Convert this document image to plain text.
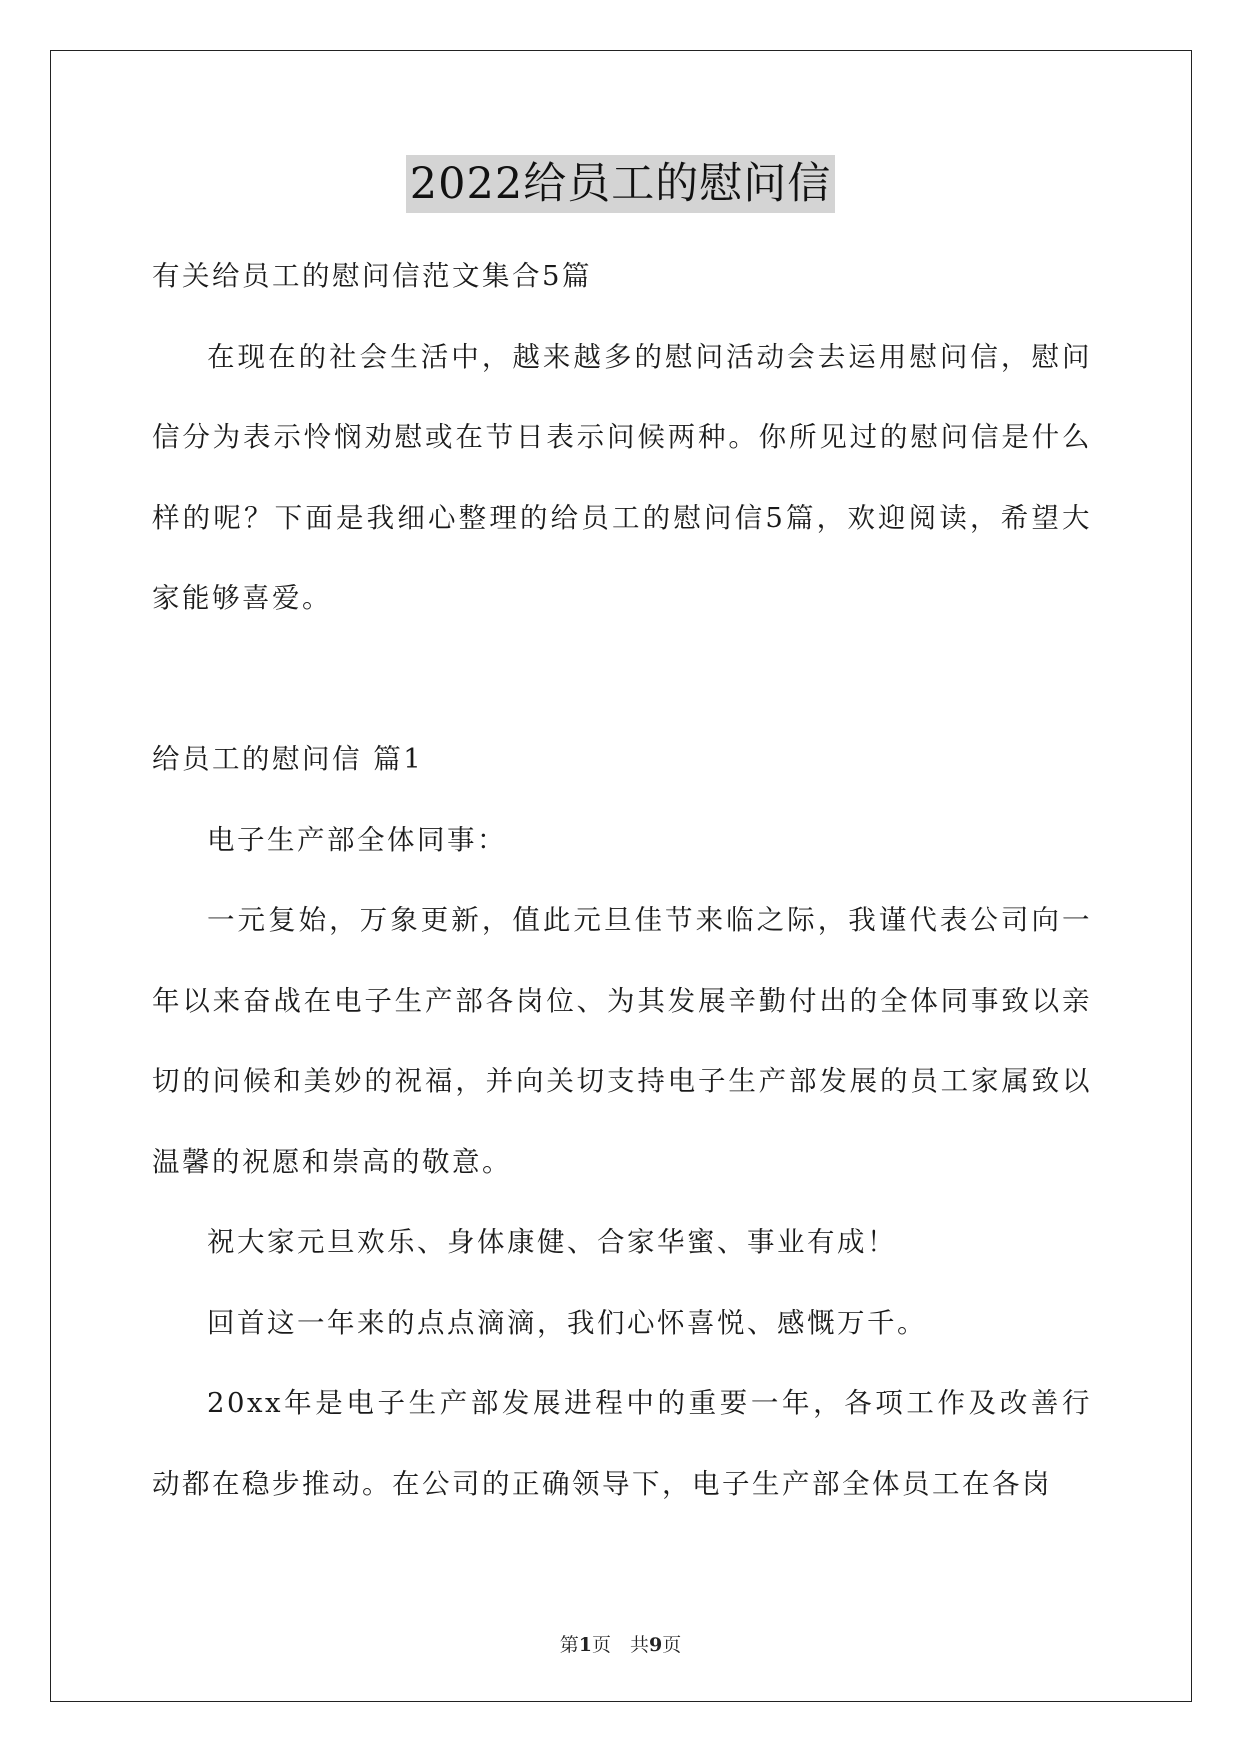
2022给员工的慰问信

有关给员工的慰问信范文集合5篇

在现在的社会生活中，越来越多的慰问活动会去运用慰问信，慰问信分为表示怜悯劝慰或在节日表示问候两种。你所见过的慰问信是什么样的呢？下面是我细心整理的给员工的慰问信5篇，欢迎阅读，希望大家能够喜爱。

给员工的慰问信 篇1

电子生产部全体同事：

一元复始，万象更新，值此元旦佳节来临之际，我谨代表公司向一年以来奋战在电子生产部各岗位、为其发展辛勤付出的全体同事致以亲切的问候和美妙的祝福，并向关切支持电子生产部发展的员工家属致以温馨的祝愿和崇高的敬意。

祝大家元旦欢乐、身体康健、合家华蜜、事业有成！

回首这一年来的点点滴滴，我们心怀喜悦、感慨万千。

20xx年是电子生产部发展进程中的重要一年，各项工作及改善行动都在稳步推动。在公司的正确领导下，电子生产部全体员工在各岗

第1页　共9页
